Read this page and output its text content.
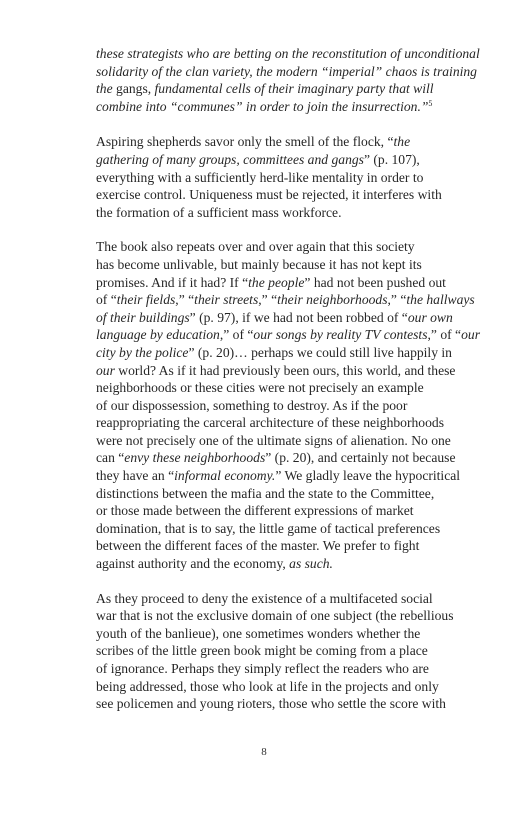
these strategists who are betting on the reconstitution of unconditional
solidarity of the clan variety, the modern “imperial” chaos is training
the gangs, fundamental cells of their imaginary party that will
combine into “communes” in order to join the insurrection.”$^5$
Aspiring shepherds savor only the smell of the flock, “the
gathering of many groups, committees and gangs” (p. 107),
everything with a sufficiently herd-like mentality in order to
exercise control. Uniqueness must be rejected, it interferes with
the formation of a sufficient mass workforce.
The book also repeats over and over again that this society
has become unlivable, but mainly because it has not kept its
promises. And if it had? If “the people” had not been pushed out
of “their fields,” “their streets,” “their neighborhoods,” “the hallways
of their buildings” (p. 97), if we had not been robbed of “our own
language by education,” of “our songs by reality TV contests,” of “our
city by the police” (p. 20)… perhaps we could still live happily in
our world? As if it had previously been ours, this world, and these
neighborhoods or these cities were not precisely an example
of our dispossession, something to destroy. As if the poor
reappropriating the carceral architecture of these neighborhoods
were not precisely one of the ultimate signs of alienation. No one
can “envy these neighborhoods” (p. 20), and certainly not because
they have an “informal economy.” We gladly leave the hypocritical
distinctions between the mafia and the state to the Committee,
or those made between the different expressions of market
domination, that is to say, the little game of tactical preferences
between the different faces of the master. We prefer to fight
against authority and the economy, as such.
As they proceed to deny the existence of a multifaceted social
war that is not the exclusive domain of one subject (the rebellious
youth of the banlieue), one sometimes wonders whether the
scribes of the little green book might be coming from a place
of ignorance. Perhaps they simply reflect the readers who are
being addressed, those who look at life in the projects and only
see policemen and young rioters, those who settle the score with
8
